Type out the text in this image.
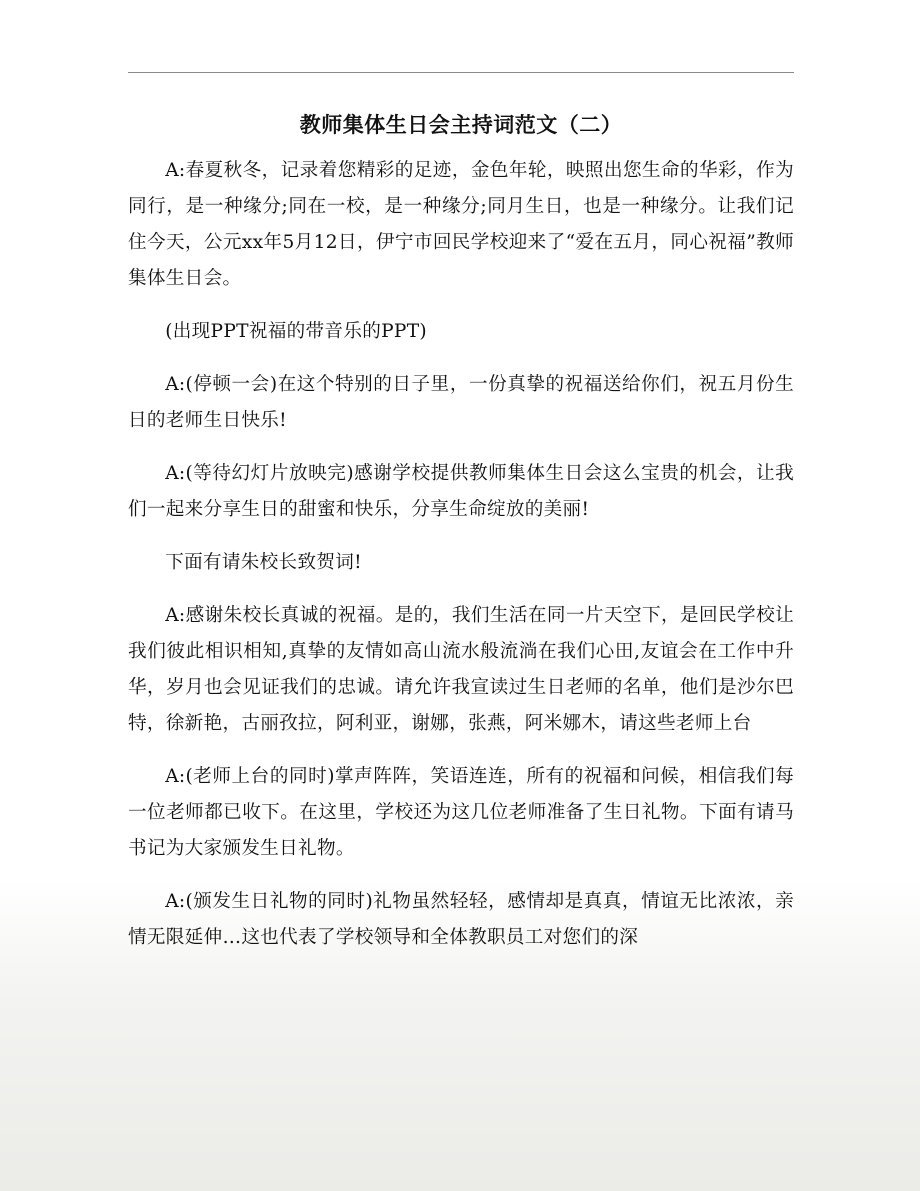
教师集体生日会主持词范文（二）

A:春夏秋冬，记录着您精彩的足迹，金色年轮，映照出您生命的华彩，作为同行，是一种缘分;同在一校，是一种缘分;同月生日，也是一种缘分。让我们记住今天，公元xx年5月12日，伊宁市回民学校迎来了“爱在五月，同心祝福”教师集体生日会。

(出现PPT祝福的带音乐的PPT)

A:(停顿一会)在这个特别的日子里，一份真挚的祝福送给你们，祝五月份生日的老师生日快乐!

A:(等待幻灯片放映完)感谢学校提供教师集体生日会这么宝贵的机会，让我们一起来分享生日的甜蜜和快乐，分享生命绽放的美丽!

下面有请朱校长致贺词!

A:感谢朱校长真诚的祝福。是的，我们生活在同一片天空下，是回民学校让我们彼此相识相知,真挚的友情如高山流水般流淌在我们心田,友谊会在工作中升华，岁月也会见证我们的忠诚。请允许我宣读过生日老师的名单，他们是沙尔巴特，徐新艳，古丽孜拉，阿利亚，谢娜，张燕，阿米娜木，请这些老师上台

A:(老师上台的同时)掌声阵阵，笑语连连，所有的祝福和问候，相信我们每一位老师都已收下。在这里，学校还为这几位老师准备了生日礼物。下面有请马书记为大家颁发生日礼物。

A:(颁发生日礼物的同时)礼物虽然轻轻，感情却是真真，情谊无比浓浓，亲情无限延伸…这也代表了学校领导和全体教职员工对您们的深
